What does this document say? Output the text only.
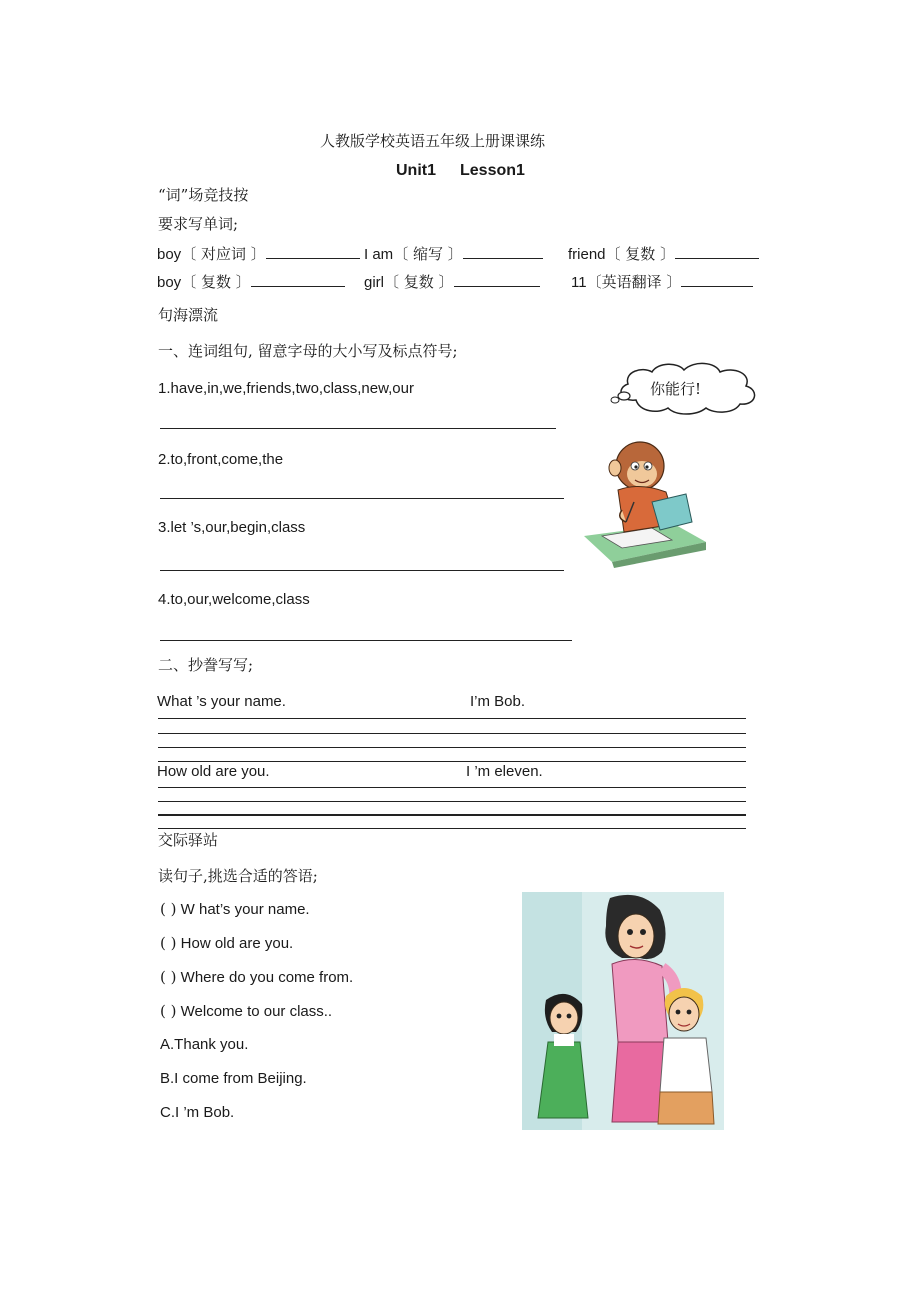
人教版学校英语五年级上册课课练
Unit1 Lesson1
“词”场竞技按
要求写单词;
boy〔 对应词 〕	I am〔 缩写 〕	friend〔 复数 〕
boy〔 复数 〕	girl〔 复数 〕	11〔英语翻译 〕
句海漂流
一、连词组句, 留意字母的大小写及标点符号;
1.have,in,we,friends,two,class,new,our
2.to,front,come,the
3.let ’s,our,begin,class
4.to,our,welcome,class
你能行!
二、抄誊写写;
What ’s your name.	I’m Bob.
How old are you.	I ’m eleven.
交际驿站
读句子,挑选合适的答语;
( ) W hat’s your name.
( ) How old are you.
( ) Where do you come from.
( ) Welcome to our class..
A.Thank you.
B.I come from Beijing.
C.I ’m Bob.
